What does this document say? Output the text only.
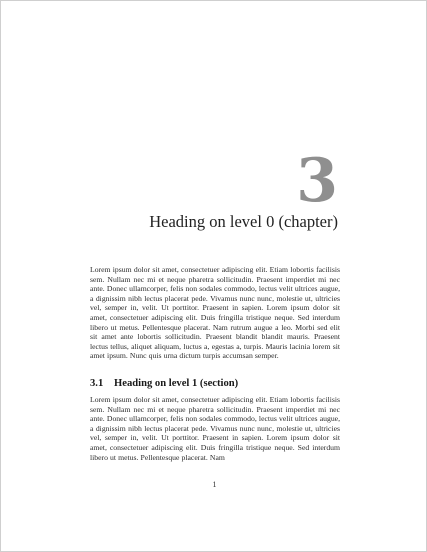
3
Heading on level 0 (chapter)

Lorem ipsum dolor sit amet, consectetuer adipiscing elit. Etiam lobortis facilisis sem. Nullam nec mi et neque pharetra sollicitudin. Praesent imperdiet mi nec ante. Donec ullamcorper, felis non sodales commodo, lectus velit ultrices augue, a dignissim nibh lectus placerat pede. Vivamus nunc nunc, molestie ut, ultricies vel, semper in, velit. Ut porttitor. Praesent in sapien. Lorem ipsum dolor sit amet, consectetuer adipiscing elit. Duis fringilla tristique neque. Sed interdum libero ut metus. Pellentesque placerat. Nam rutrum augue a leo. Morbi sed elit sit amet ante lobortis sollicitudin. Praesent blandit blandit mauris. Praesent lectus tellus, aliquet aliquam, luctus a, egestas a, turpis. Mauris lacinia lorem sit amet ipsum. Nunc quis urna dictum turpis accumsan semper.

3.1 Heading on level 1 (section)

Lorem ipsum dolor sit amet, consectetuer adipiscing elit. Etiam lobortis facilisis sem. Nullam nec mi et neque pharetra sollicitudin. Praesent imperdiet mi nec ante. Donec ullamcorper, felis non sodales commodo, lectus velit ultrices augue, a dignissim nibh lectus placerat pede. Vivamus nunc nunc, molestie ut, ultricies vel, semper in, velit. Ut porttitor. Praesent in sapien. Lorem ipsum dolor sit amet, consectetuer adipiscing elit. Duis fringilla tristique neque. Sed interdum libero ut metus. Pellentesque placerat. Nam

1
